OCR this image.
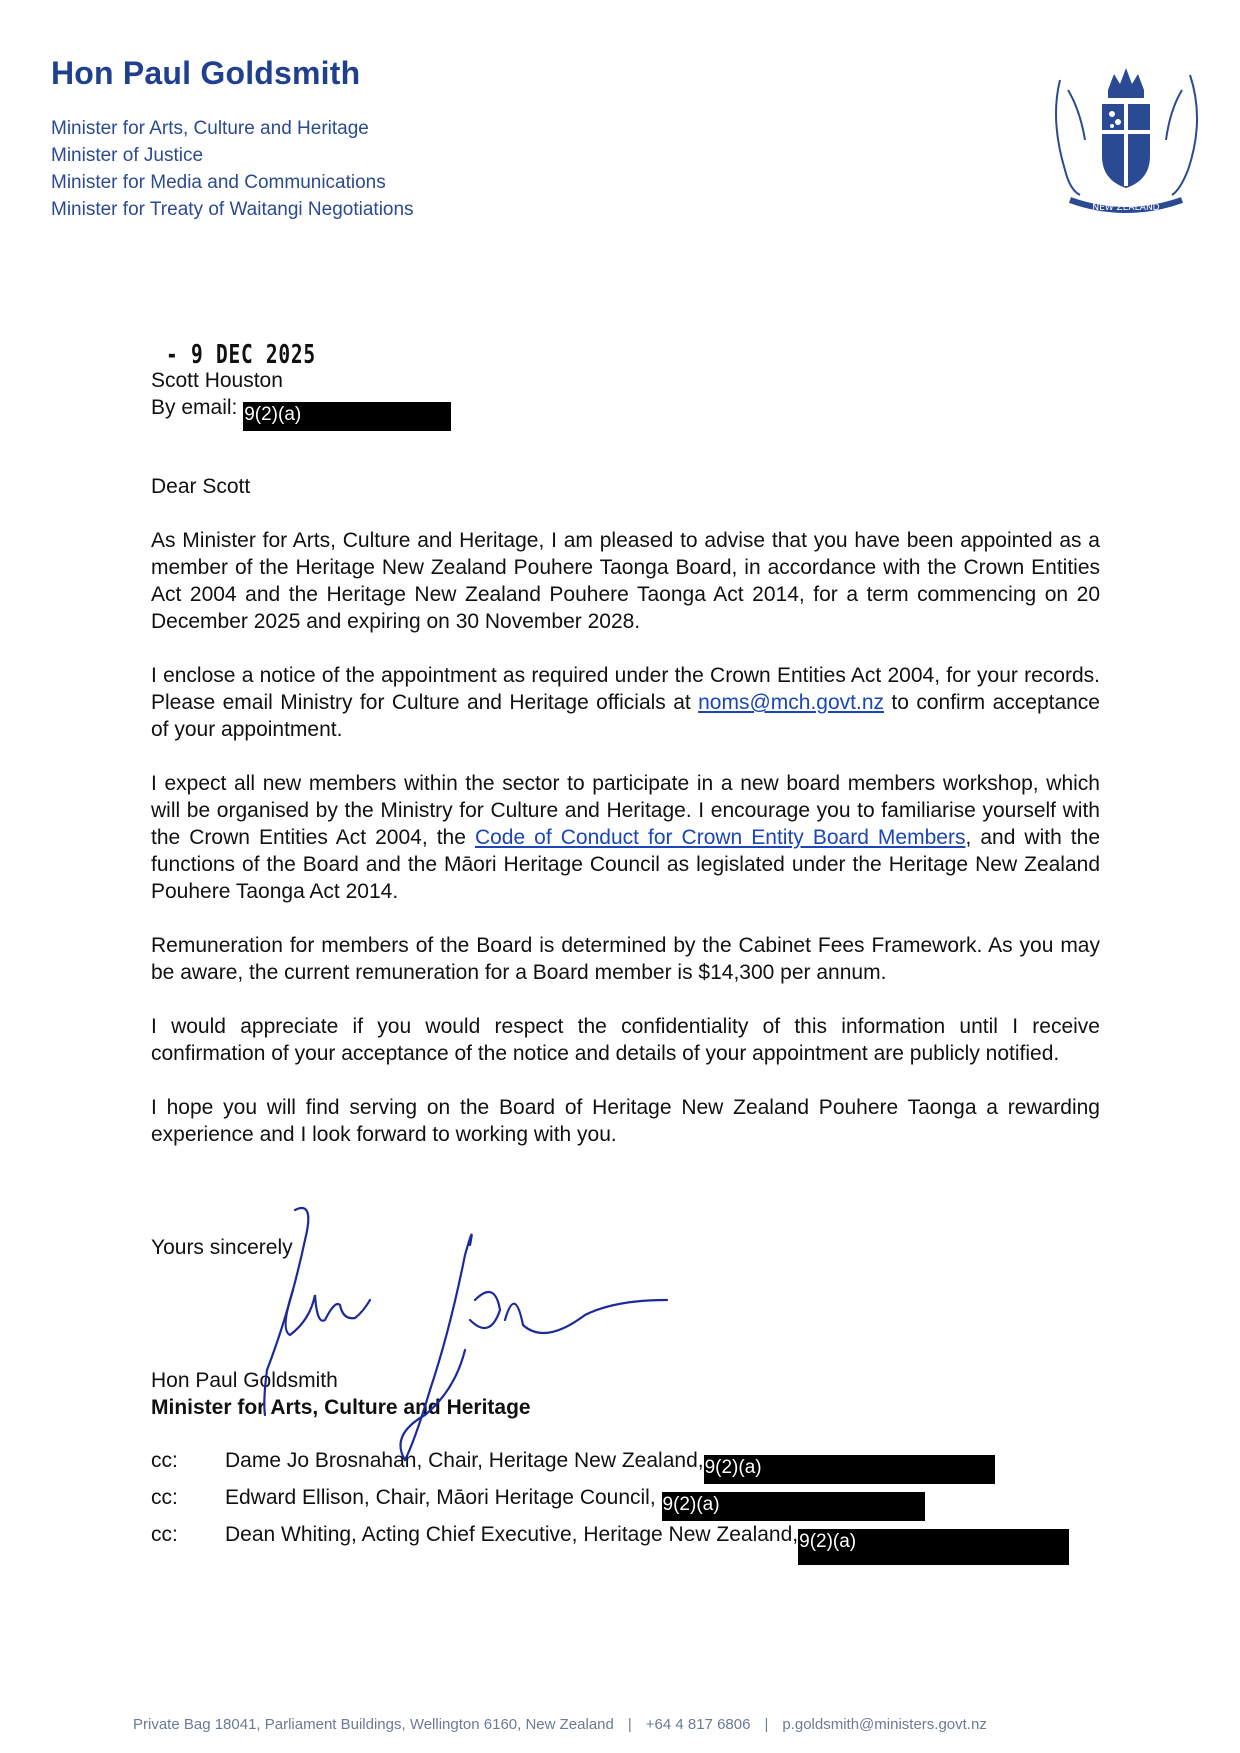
Hon Paul Goldsmith
Minister for Arts, Culture and Heritage
Minister of Justice
Minister for Media and Communications
Minister for Treaty of Waitangi Negotiations	NEW ZEALAND
- 9 DEC 2025
Scott Houston
By email: 9(2)(a)

Dear Scott

As Minister for Arts, Culture and Heritage, I am pleased to advise that you have been appointed as a member of the Heritage New Zealand Pouhere Taonga Board, in accordance with the Crown Entities Act 2004 and the Heritage New Zealand Pouhere Taonga Act 2014, for a term commencing on 20 December 2025 and expiring on 30 November 2028.

I enclose a notice of the appointment as required under the Crown Entities Act 2004, for your records. Please email Ministry for Culture and Heritage officials at noms@mch.govt.nz to confirm acceptance of your appointment.

I expect all new members within the sector to participate in a new board members workshop, which will be organised by the Ministry for Culture and Heritage. I encourage you to familiarise yourself with the Crown Entities Act 2004, the Code of Conduct for Crown Entity Board Members, and with the functions of the Board and the Māori Heritage Council as legislated under the Heritage New Zealand Pouhere Taonga Act 2014.

Remuneration for members of the Board is determined by the Cabinet Fees Framework. As you may be aware, the current remuneration for a Board member is $14,300 per annum.

I would appreciate if you would respect the confidentiality of this information until I receive confirmation of your acceptance of the notice and details of your appointment are publicly notified.

I hope you will find serving on the Board of Heritage New Zealand Pouhere Taonga a rewarding experience and I look forward to working with you.

Yours sincerely
Hon Paul Goldsmith
Minister for Arts, Culture and Heritage
cc: Dame Jo Brosnahan, Chair, Heritage New Zealand,9(2)(a)
cc: Edward Ellison, Chair, Māori Heritage Council, 9(2)(a)
cc: Dean Whiting, Acting Chief Executive, Heritage New Zealand,9(2)(a)
Private Bag 18041, Parliament Buildings, Wellington 6160, New Zealand | +64 4 817 6806 | p.goldsmith@ministers.govt.nz
